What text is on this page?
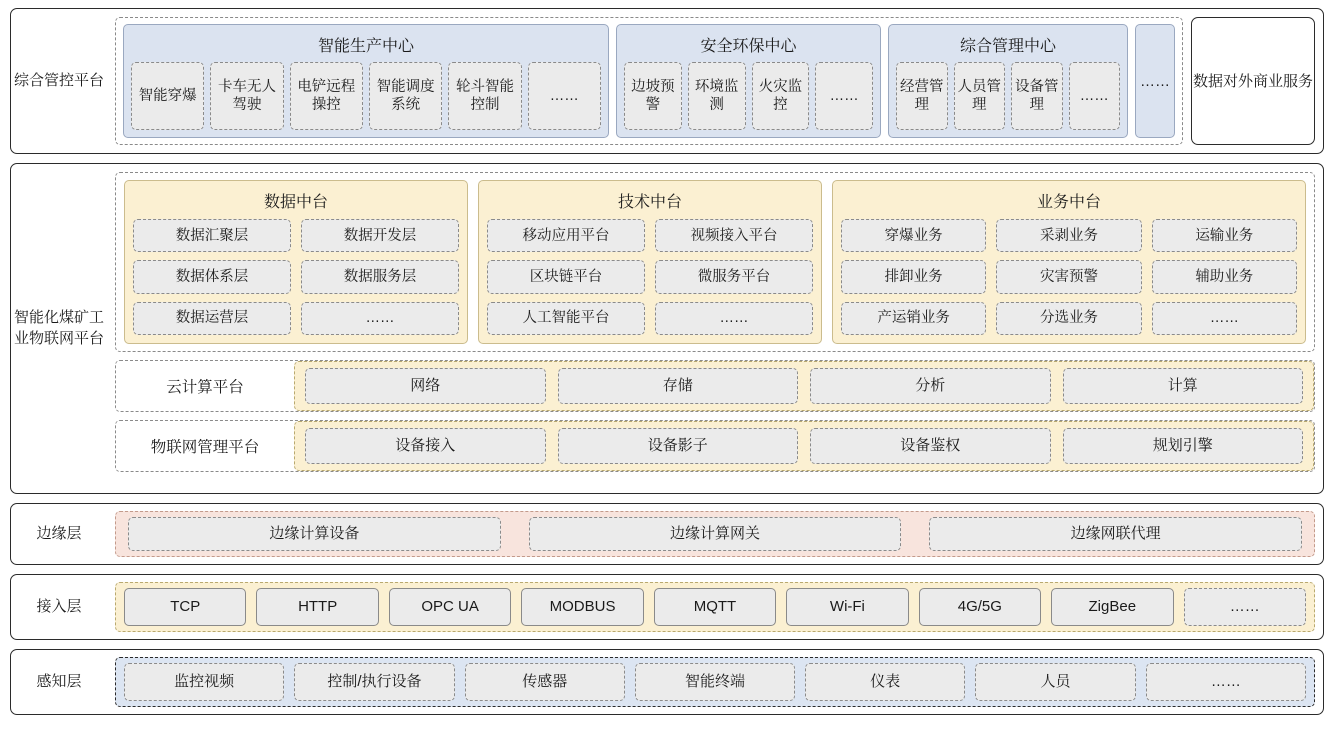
综合管控平台
智能生产中心
智能穿爆
卡车无人驾驶
电铲远程操控
智能调度系统
轮斗智能控制
……
安全环保中心
边坡预警
环境监测
火灾监控
……
综合管理中心
经营管理
人员管理
设备管理
……
……	数据对外商业服务
智能化煤矿工业物联网平台
数据中台
数据汇聚层	数据开发层
数据体系层	数据服务层
数据运营层	……
技术中台
移动应用平台	视频接入平台
区块链平台	微服务平台
人工智能平台	……
业务中台
穿爆业务	采剥业务	运输业务
排卸业务	灾害预警	辅助业务
产运销业务	分选业务	……
云计算平台	网络	存储	分析	计算
物联网管理平台	设备接入	设备影子	设备鉴权	规划引擎
边缘层	边缘计算设备	边缘计算网关	边缘网联代理
接入层	TCP	HTTP	OPC UA	MODBUS	MQTT	Wi-Fi	4G/5G	ZigBee	……
感知层	监控视频	控制/执行设备	传感器	智能终端	仪表	人员	……
